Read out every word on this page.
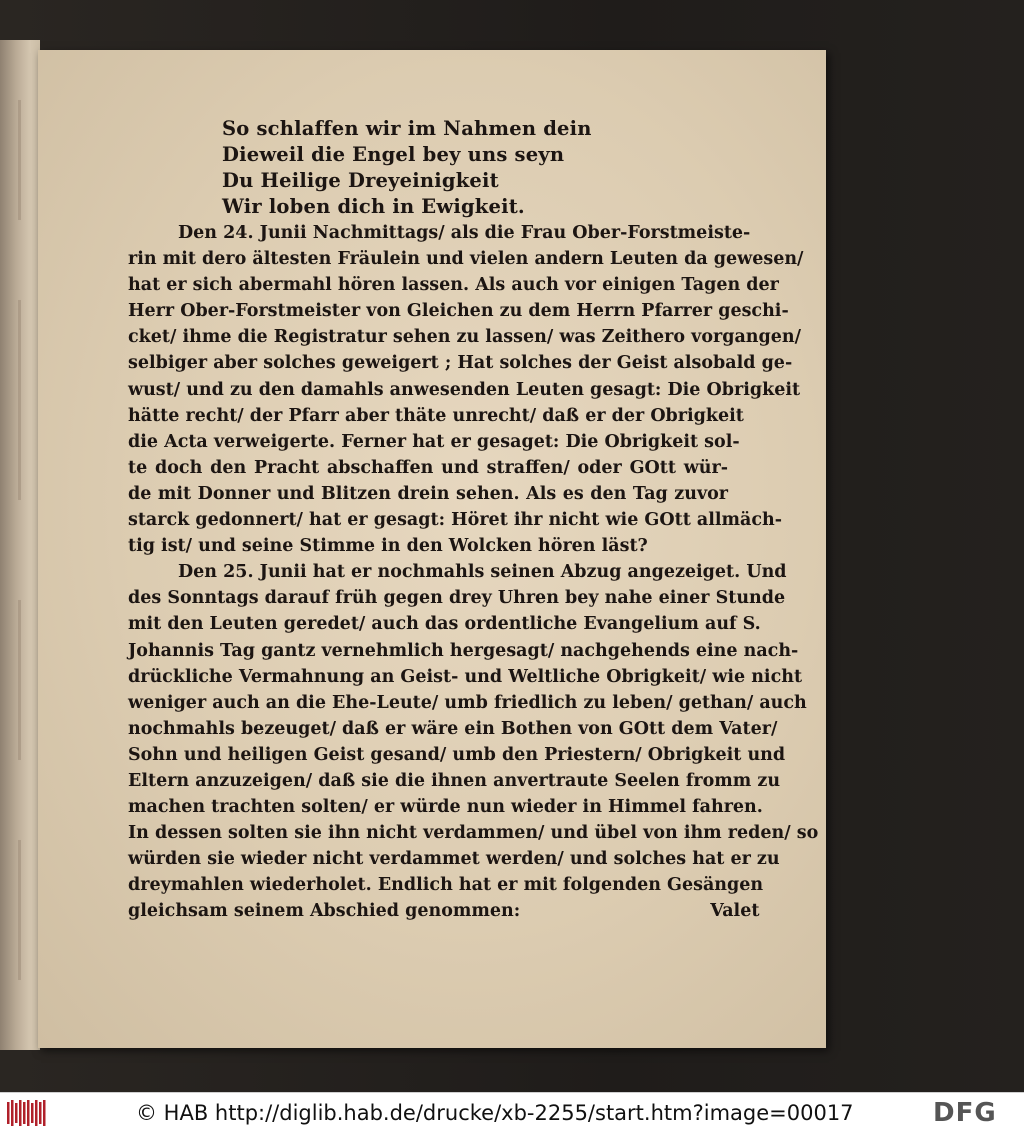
So schlaffen wir im Nahmen dein
Dieweil die Engel bey uns seyn
Du Heilige Dreyeinigkeit
Wir loben dich in Ewigkeit.
Den 24. Junii Nachmittags/ als die Frau Ober-Forstmeiste-
rin mit dero ältesten Fräulein und vielen andern Leuten da gewesen/
hat er sich abermahl hören lassen. Als auch vor einigen Tagen der
Herr Ober-Forstmeister von Gleichen zu dem Herrn Pfarrer geschi-
cket/ ihme die Registratur sehen zu lassen/ was Zeithero vorgangen/
selbiger aber solches geweigert ; Hat solches der Geist alsobald ge-
wust/ und zu den damahls anwesenden Leuten gesagt: Die Obrigkeit
hätte recht/ der Pfarr aber thäte unrecht/ daß er der Obrigkeit
die Acta verweigerte. Ferner hat er gesaget: Die Obrigkeit sol-
te doch den Pracht abschaffen und straffen/ oder GOtt wür-
de mit Donner und Blitzen drein sehen. Als es den Tag zuvor
starck gedonnert/ hat er gesagt: Höret ihr nicht wie GOtt allmäch-
tig ist/ und seine Stimme in den Wolcken hören läst?
Den 25. Junii hat er nochmahls seinen Abzug angezeiget. Und
des Sonntags darauf früh gegen drey Uhren bey nahe einer Stunde
mit den Leuten geredet/ auch das ordentliche Evangelium auf S.
Johannis Tag gantz vernehmlich hergesagt/ nachgehends eine nach-
drückliche Vermahnung an Geist- und Weltliche Obrigkeit/ wie nicht
weniger auch an die Ehe-Leute/ umb friedlich zu leben/ gethan/ auch
nochmahls bezeuget/ daß er wäre ein Bothen von GOtt dem Vater/
Sohn und heiligen Geist gesand/ umb den Priestern/ Obrigkeit und
Eltern anzuzeigen/ daß sie die ihnen anvertraute Seelen fromm zu
machen trachten solten/ er würde nun wieder in Himmel fahren.
In dessen solten sie ihn nicht verdammen/ und übel von ihm reden/ so
würden sie wieder nicht verdammet werden/ und solches hat er zu
dreymahlen wiederholet. Endlich hat er mit folgenden Gesängen
gleichsam seinem Abschied genommen:	Valet
© HAB http://diglib.hab.de/drucke/xb-2255/start.htm?image=00017	DFG
